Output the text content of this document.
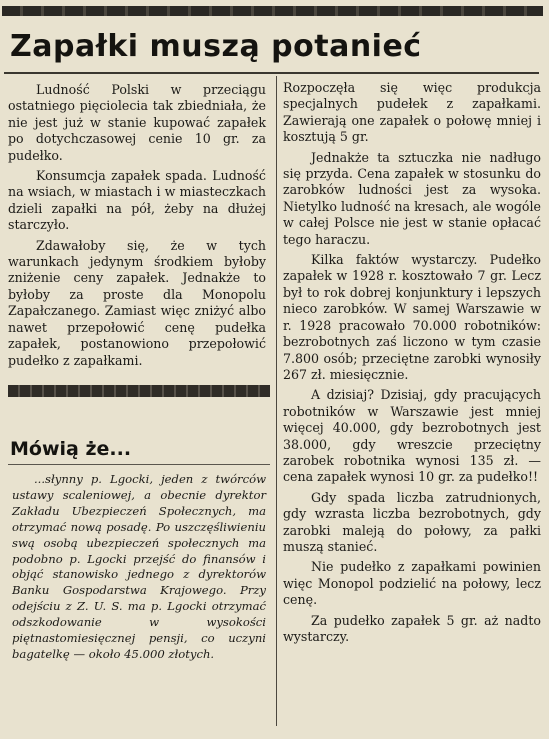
Zapałki muszą potanieć

Ludność Polski w przeciągu ostatniego pięciolecia tak zbiedniała, że nie jest już w stanie kupować zapałek po dotychczasowej cenie 10 gr. za pudełko.

Konsumcja zapałek spada. Ludność na wsiach, w miastach i w miasteczkach dzieli zapałki na pół, żeby na dłużej starczyło.

Zdawałoby się, że w tych warunkach jedynym środkiem byłoby zniżenie ceny zapałek. Jednakże to byłoby za proste dla Monopolu Zapałczanego. Zamiast więc zniżyć albo nawet przepołowić cenę pudełka zapałek, postanowiono przepołowić pudełko z zapałkami.

Rozpoczęła się więc produkcja specjalnych pudełek z zapałkami. Zawierają one zapałek o połowę mniej i kosztują 5 gr.

Jednakże ta sztuczka nie nadługo się przyda. Cena zapałek w stosunku do zarobków ludności jest za wysoka. Nietylko ludność na kresach, ale wogóle w całej Polsce nie jest w stanie opłacać tego haraczu.

Kilka faktów wystarczy. Pudełko zapałek w 1928 r. kosztowało 7 gr. Lecz był to rok dobrej konjunktury i lepszych nieco zarobków. W samej Warszawie w r. 1928 pracowało 70.000 robotników: bezrobotnych zaś liczono w tym czasie 7.800 osób; przeciętne zarobki wynosiły 267 zł. miesięcznie.

A dzisiaj? Dzisiaj, gdy pracujących robotników w Warszawie jest mniej więcej 40.000, gdy bezrobotnych jest 38.000, gdy wreszcie przeciętny zarobek robotnika wynosi 135 zł. — cena zapałek wynosi 10 gr. za pudełko!!

Gdy spada liczba zatrudnionych, gdy wzrasta liczba bezrobotnych, gdy zarobki maleją do połowy, za pałki muszą stanieć.

Nie pudełko z zapałkami powinien więc Monopol podzielić na połowy, lecz cenę.

Za pudełko zapałek 5 gr. aż nadto wystarczy.

Mówią że...

...słynny p. Lgocki, jeden z twórców ustawy scaleniowej, a obecnie dyrektor Zakładu Ubezpieczeń Społecznych, ma otrzymać nową posadę. Po uszczęśliwieniu swą osobą ubezpieczeń społecznych ma podobno p. Lgocki przejść do finansów i objąć stanowisko jednego z dyrektorów Banku Gospodarstwa Krajowego. Przy odejściu z Z. U. S. ma p. Lgocki otrzymać odszkodowanie w wysokości piętnastomiesięcznej pensji, co uczyni bagatelkę — około 45.000 złotych.
